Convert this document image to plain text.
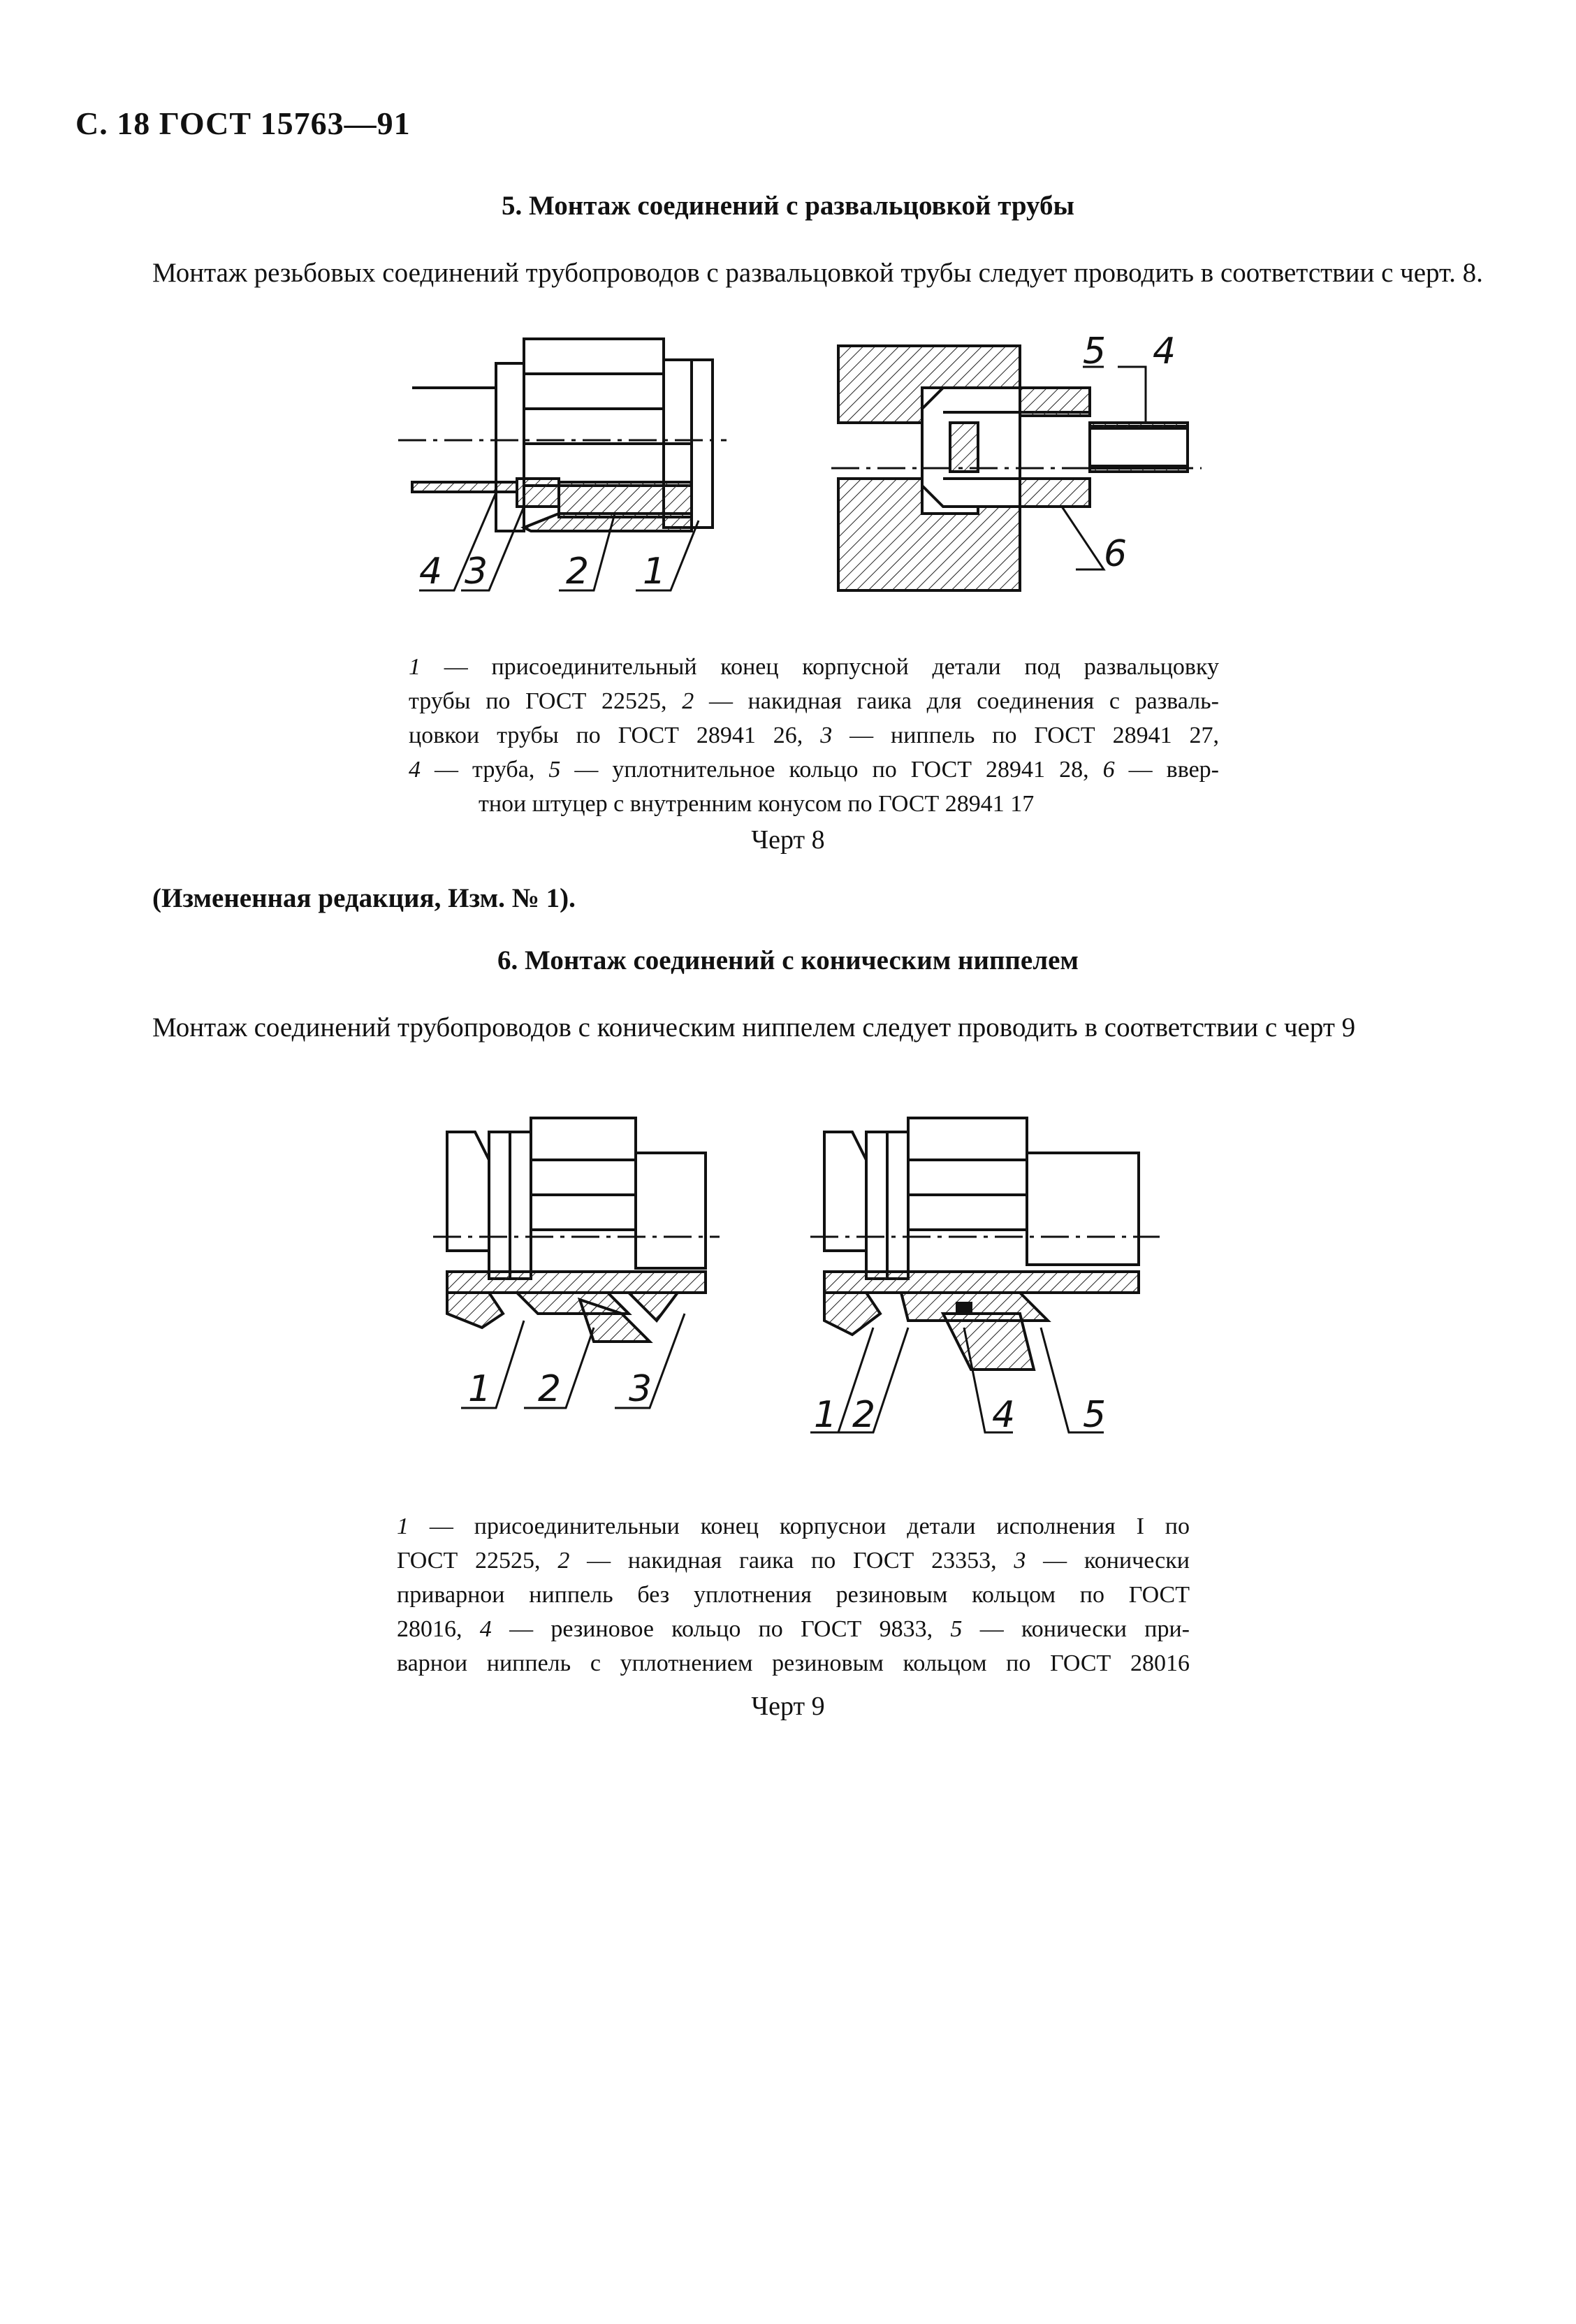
С. 18 ГОСТ 15763—91
5. Монтаж соединений с развальцовкой трубы
Монтаж резьбовых соединений трубопроводов с развальцовкой трубы следует проводить в соответствии с черт. 8.
4 3 2 1
5 4
6
1 — присоединительный конец корпусной детали под развальцовку
трубы по ГОСТ 22525, 2 — накидная гаика для соединения с разваль-
цовкои трубы по ГОСТ 28941 26, 3 — ниппель по ГОСТ 28941 27,
4 — труба, 5 — уплотнительное кольцо по ГОСТ 28941 28, 6 — ввер-
тнои штуцер с внутренним конусом по ГОСТ 28941 17
Черт 8
(Измененная редакция, Изм. № 1).
6. Монтаж соединений с коническим ниппелем
Монтаж соединений трубопроводов с коническим ниппелем следует проводить в соответствии с черт 9
1 2 3
1 2	4 5
1 — присоединительныи конец корпуснои детали исполнения I по
ГОСТ 22525, 2 — накидная гаика по ГОСТ 23353, 3 — конически
приварнои ниппель без уплотнения резиновым кольцом по ГОСТ
28016, 4 — резиновое кольцо по ГОСТ 9833, 5 — конически при-
варнои ниппель с уплотнением резиновым кольцом по ГОСТ 28016
Черт 9
